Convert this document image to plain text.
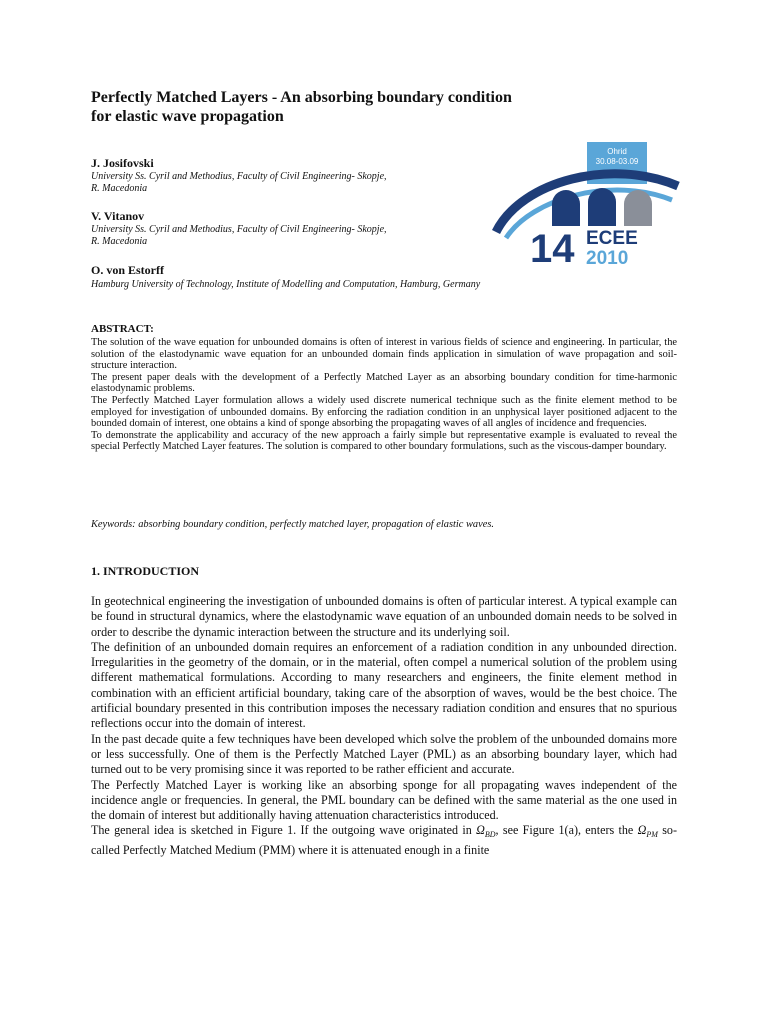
Perfectly Matched Layers - An absorbing boundary condition
for elastic wave propagation
J. Josifovski
University Ss. Cyril and Methodius, Faculty of Civil Engineering- Skopje,
R. Macedonia
V. Vitanov
University Ss. Cyril and Methodius, Faculty of Civil Engineering- Skopje,
R. Macedonia
O. von Estorff
Hamburg University of Technology, Institute of Modelling and Computation, Hamburg, Germany
Ohrid
30.08-03.09
14 ECEE
2010
ABSTRACT:

The solution of the wave equation for unbounded domains is often of interest in various fields of science and engineering. In particular, the solution of the elastodynamic wave equation for an unbounded domain finds application in simulation of wave propagation and soil-structure interaction.

The present paper deals with the development of a Perfectly Matched Layer as an absorbing boundary condition for time-harmonic elastodynamic problems.

The Perfectly Matched Layer formulation allows a widely used discrete numerical technique such as the finite element method to be employed for investigation of unbounded domains. By enforcing the radiation condition in an unphysical layer positioned adjacent to the bounded domain of interest, one obtains a kind of sponge absorbing the propagating waves of all angles of incidence and frequencies.

To demonstrate the applicability and accuracy of the new approach a fairly simple but representative example is evaluated to reveal the special Perfectly Matched Layer features. The solution is compared to other boundary formulations, such as the viscous-damper boundary.

Keywords: absorbing boundary condition, perfectly matched layer, propagation of elastic waves.
1. INTRODUCTION

In geotechnical engineering the investigation of unbounded domains is often of particular interest. A typical example can be found in structural dynamics, where the elastodynamic wave equation of an unbounded domain needs to be solved in order to describe the dynamic interaction between the structure and its underlying soil.

The definition of an unbounded domain requires an enforcement of a radiation condition in any unbounded direction. Irregularities in the geometry of the domain, or in the material, often compel a numerical solution of the problem using different mathematical formulations. According to many researchers and engineers, the finite element method in combination with an efficient artificial boundary, taking care of the absorption of waves, would be the best choice. The artificial boundary presented in this contribution imposes the necessary radiation condition and ensures that no spurious reflections occur into the domain of interest.

In the past decade quite a few techniques have been developed which solve the problem of the unbounded domains more or less successfully. One of them is the Perfectly Matched Layer (PML) as an absorbing boundary layer, which had turned out to be very promising since it was reported to be rather efficient and accurate.

The Perfectly Matched Layer is working like an absorbing sponge for all propagating waves independent of the incidence angle or frequencies. In general, the PML boundary can be defined with the same material as the one used in the domain of interest but additionally having attenuation characteristics introduced.

The general idea is sketched in Figure 1. If the outgoing wave originated in $\Omega_{BD}$, see Figure 1(a), enters the $\Omega_{PM}$ so-called Perfectly Matched Medium (PMM) where it is attenuated enough in a finite
